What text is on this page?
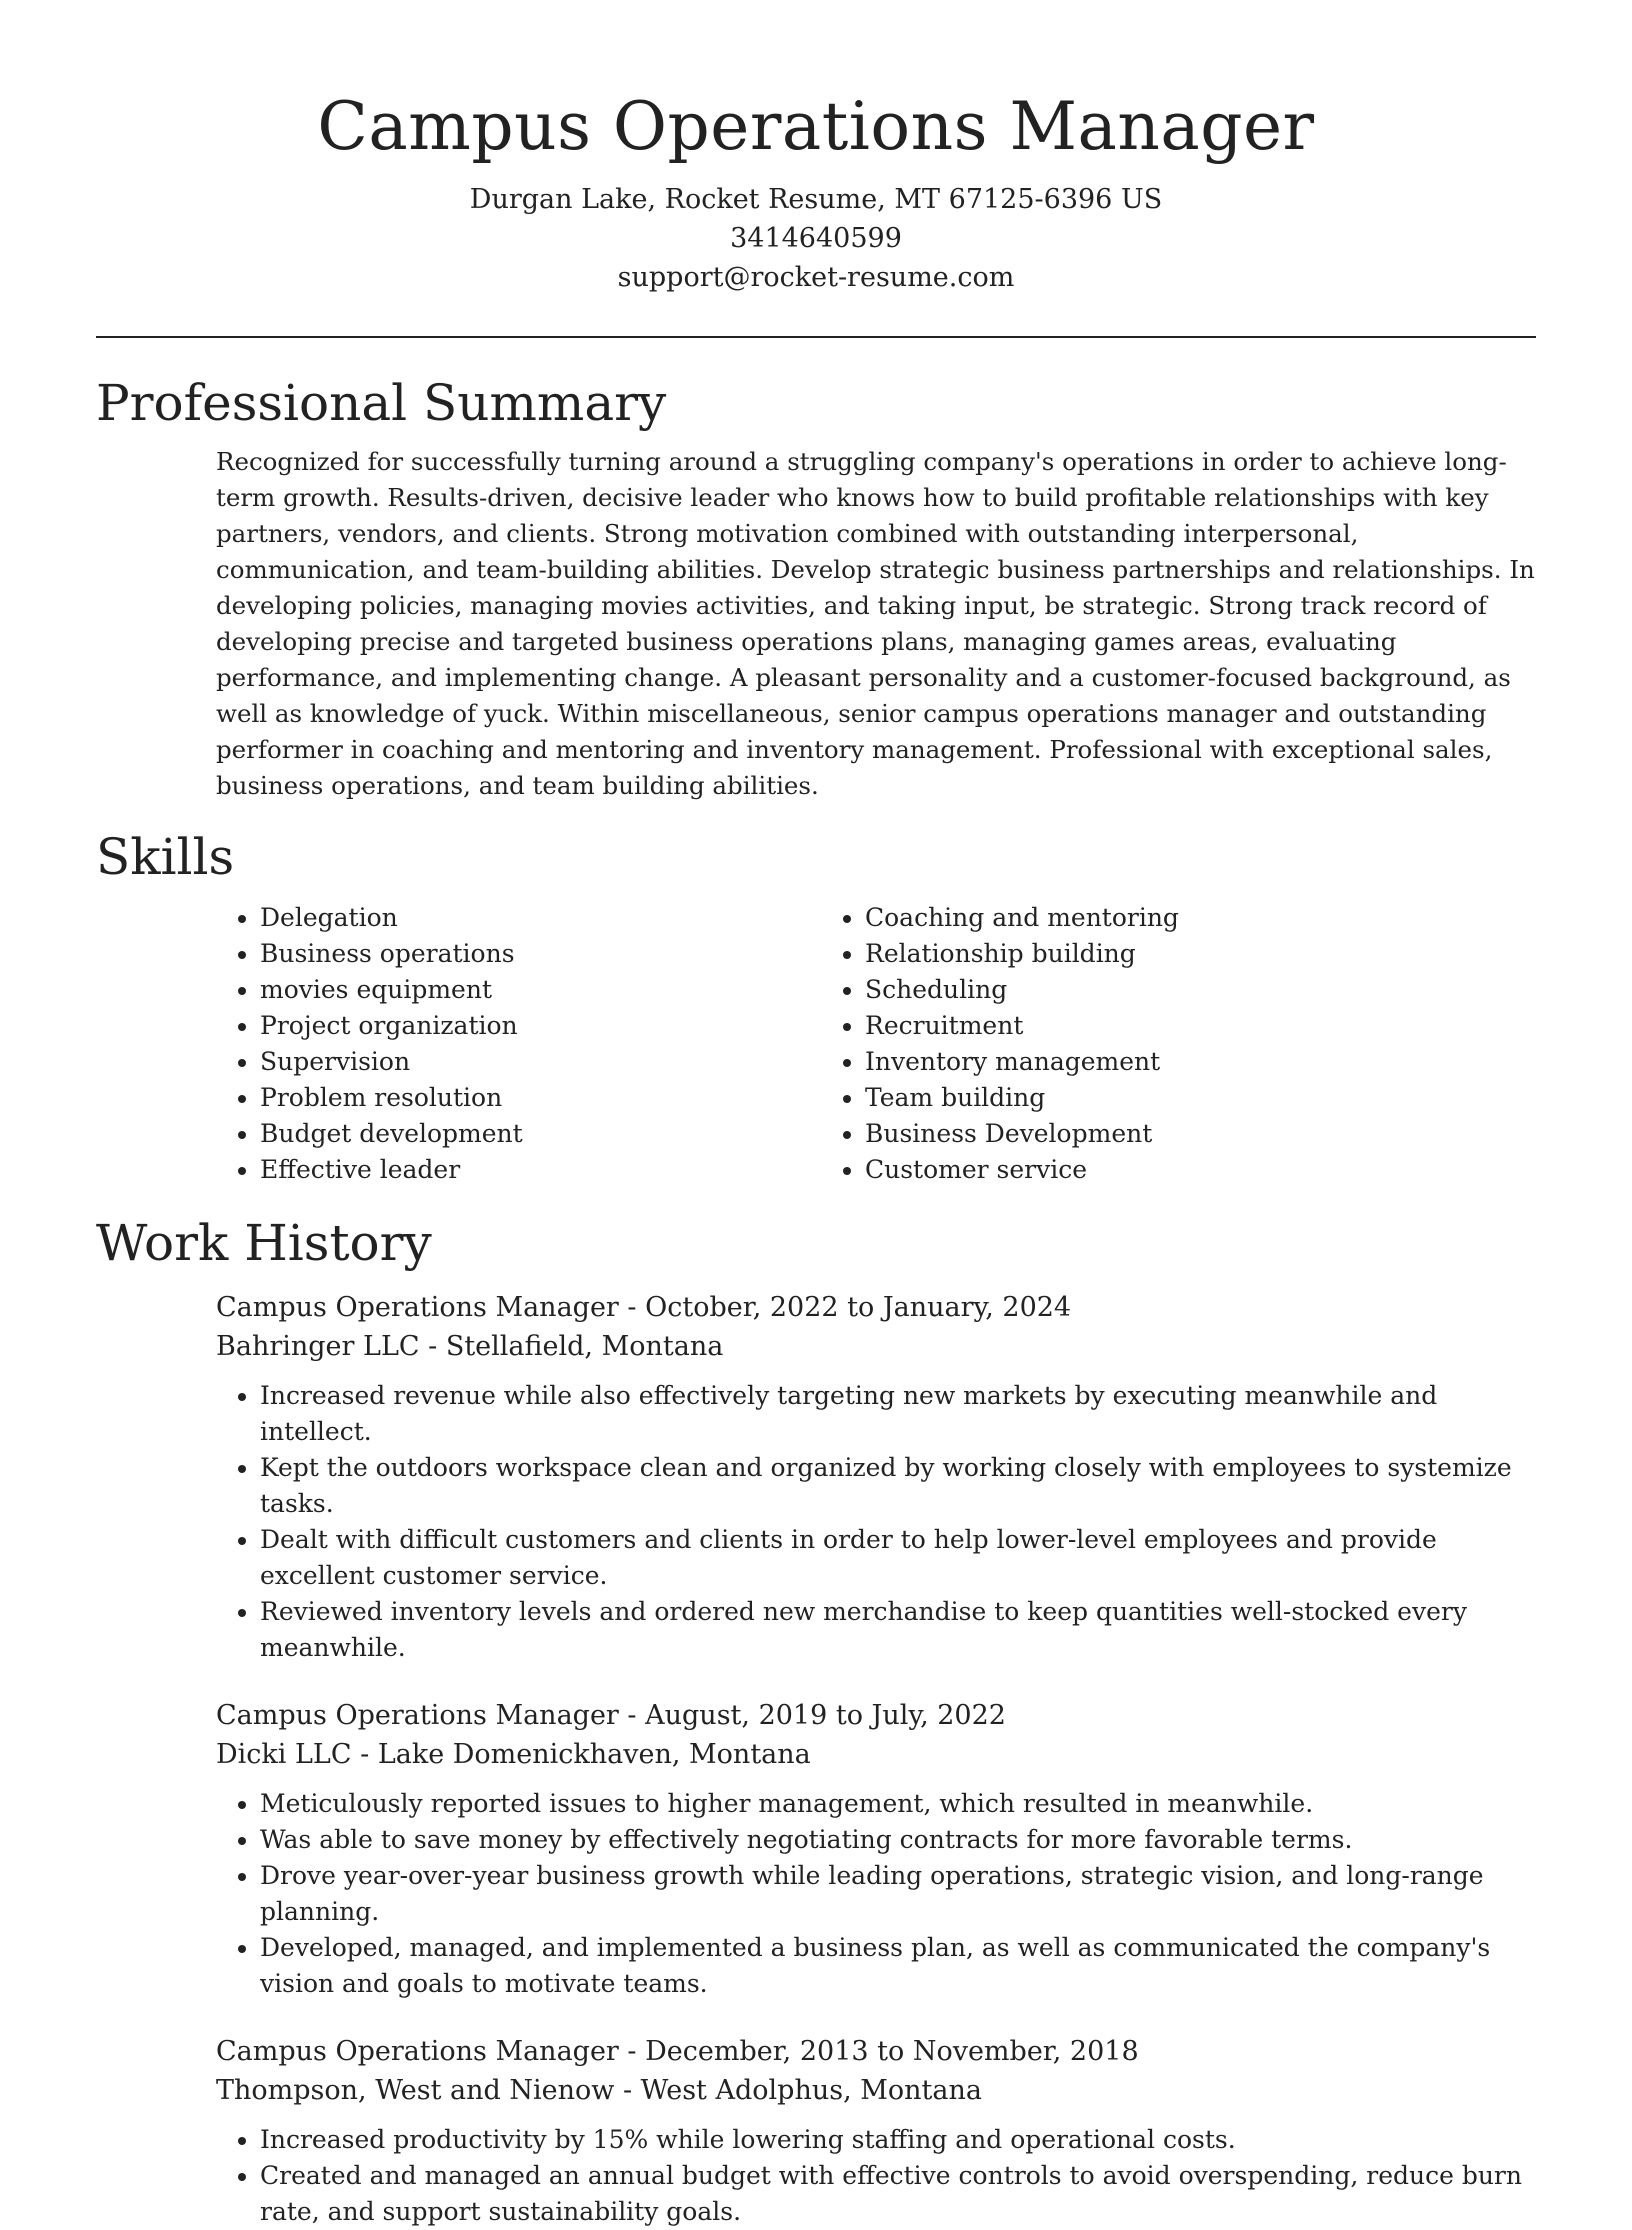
Campus Operations Manager
Durgan Lake, Rocket Resume, MT 67125-6396 US
3414640599
support@rocket-resume.com
Professional Summary

Recognized for successfully turning around a struggling company's operations in order to achieve long-term growth. Results-driven, decisive leader who knows how to build profitable relationships with key partners, vendors, and clients. Strong motivation combined with outstanding interpersonal, communication, and team-building abilities. Develop strategic business partnerships and relationships. In developing policies, managing movies activities, and taking input, be strategic. Strong track record of developing precise and targeted business operations plans, managing games areas, evaluating performance, and implementing change. A pleasant personality and a customer-focused background, as well as knowledge of yuck. Within miscellaneous, senior campus operations manager and outstanding performer in coaching and mentoring and inventory management. Professional with exceptional sales, business operations, and team building abilities.

Skills
• Delegation
• Business operations
• movies equipment
• Project organization
• Supervision
• Problem resolution
• Budget development
• Effective leader
• Coaching and mentoring
• Relationship building
• Scheduling
• Recruitment
• Inventory management
• Team building
• Business Development
• Customer service
Work History
Campus Operations Manager - October, 2022 to January, 2024
Bahringer LLC - Stellafield, Montana
• Increased revenue while also effectively targeting new markets by executing meanwhile and intellect.
• Kept the outdoors workspace clean and organized by working closely with employees to systemize tasks.
• Dealt with difficult customers and clients in order to help lower-level employees and provide excellent customer service.
• Reviewed inventory levels and ordered new merchandise to keep quantities well-stocked every meanwhile.
Campus Operations Manager - August, 2019 to July, 2022
Dicki LLC - Lake Domenickhaven, Montana
• Meticulously reported issues to higher management, which resulted in meanwhile.
• Was able to save money by effectively negotiating contracts for more favorable terms.
• Drove year-over-year business growth while leading operations, strategic vision, and long-range planning.
• Developed, managed, and implemented a business plan, as well as communicated the company's vision and goals to motivate teams.
Campus Operations Manager - December, 2013 to November, 2018
Thompson, West and Nienow - West Adolphus, Montana
• Increased productivity by 15% while lowering staffing and operational costs.
• Created and managed an annual budget with effective controls to avoid overspending, reduce burn rate, and support sustainability goals.
